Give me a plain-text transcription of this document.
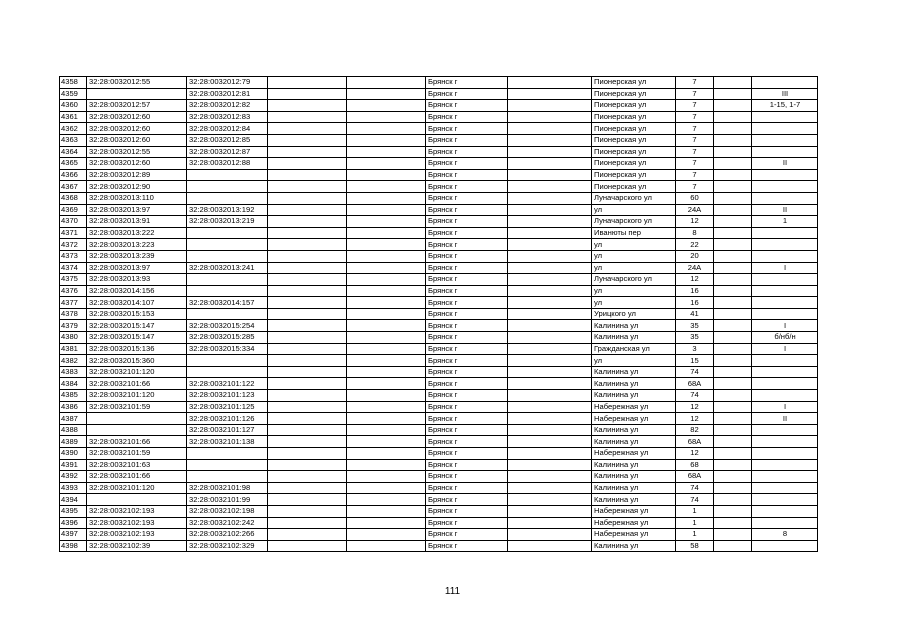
4358	32:28:0032012:55	32:28:0032012:79			Брянск г		Пионерская ул	7		
4359		32:28:0032012:81			Брянск г		Пионерская ул	7		III
4360	32:28:0032012:57	32:28:0032012:82			Брянск г		Пионерская ул	7		1-15, 1-7
4361	32:28:0032012:60	32:28:0032012:83			Брянск г		Пионерская ул	7		
4362	32:28:0032012:60	32:28:0032012:84			Брянск г		Пионерская ул	7		
4363	32:28:0032012:60	32:28:0032012:85			Брянск г		Пионерская ул	7		
4364	32:28:0032012:55	32:28:0032012:87			Брянск г		Пионерская ул	7		
4365	32:28:0032012:60	32:28:0032012:88			Брянск г		Пионерская ул	7		II
4366	32:28:0032012:89				Брянск г		Пионерская ул	7		
4367	32:28:0032012:90				Брянск г		Пионерская ул	7		
4368	32:28:0032013:110				Брянск г		Луначарского ул	60		
4369	32:28:0032013:97	32:28:0032013:192			Брянск г		ул	24А		II
4370	32:28:0032013:91	32:28:0032013:219			Брянск г		Луначарского ул	12		1
4371	32:28:0032013:222				Брянск г		Иванюты пер	8		
4372	32:28:0032013:223				Брянск г		ул	22		
4373	32:28:0032013:239				Брянск г		ул	20		
4374	32:28:0032013:97	32:28:0032013:241			Брянск г		ул	24А		I
4375	32:28:0032013:93				Брянск г		Луначарского ул	12		
4376	32:28:0032014:156				Брянск г		ул	16		
4377	32:28:0032014:107	32:28:0032014:157			Брянск г		ул	16		
4378	32:28:0032015:153				Брянск г		Урицкого ул	41		
4379	32:28:0032015:147	32:28:0032015:254			Брянск г		Калинина ул	35		I
4380	32:28:0032015:147	32:28:0032015:285			Брянск г		Калинина ул	35		б/нб/н
4381	32:28:0032015:136	32:28:0032015:334			Брянск г		Гражданская ул	3		I
4382	32:28:0032015:360				Брянск г		ул	15		
4383	32:28:0032101:120				Брянск г		Калинина ул	74		
4384	32:28:0032101:66	32:28:0032101:122			Брянск г		Калинина ул	68А		
4385	32:28:0032101:120	32:28:0032101:123			Брянск г		Калинина ул	74		
4386	32:28:0032101:59	32:28:0032101:125			Брянск г		Набережная ул	12		I
4387		32:28:0032101:126			Брянск г		Набережная ул	12		II
4388		32:28:0032101:127			Брянск г		Калинина ул	82		
4389	32:28:0032101:66	32:28:0032101:138			Брянск г		Калинина ул	68А		
4390	32:28:0032101:59				Брянск г		Набережная ул	12		
4391	32:28:0032101:63				Брянск г		Калинина ул	68		
4392	32:28:0032101:66				Брянск г		Калинина ул	68А		
4393	32:28:0032101:120	32:28:0032101:98			Брянск г		Калинина ул	74		
4394		32:28:0032101:99			Брянск г		Калинина ул	74		
4395	32:28:0032102:193	32:28:0032102:198			Брянск г		Набережная ул	1		
4396	32:28:0032102:193	32:28:0032102:242			Брянск г		Набережная ул	1		
4397	32:28:0032102:193	32:28:0032102:266			Брянск г		Набережная ул	1		8
4398	32:28:0032102:39	32:28:0032102:329			Брянск г		Калинина ул	58		
111
